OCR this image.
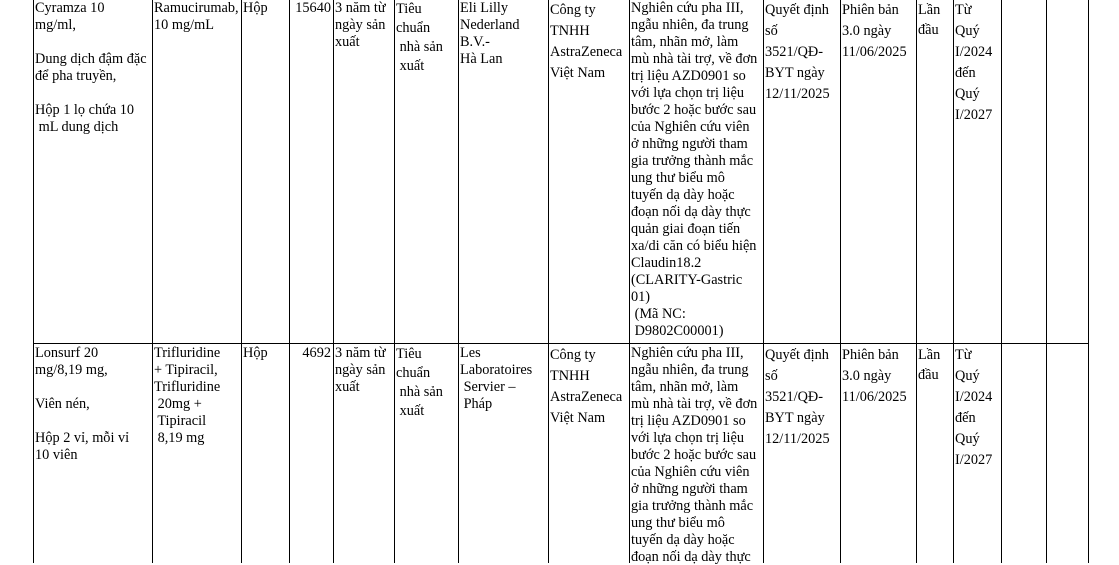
Cyramza 10
mg/ml,

Dung dịch đậm đặc
để pha truyền,

Hộp 1 lọ chứa 10
mL dung dịch
Ramucirumab,
10 mg/mL
Hộp	15640 3 năm từ
ngày sản
xuất
Tiêu
chuẩn
nhà sản
xuất
Eli Lilly
Nederland
B.V.-
Hà Lan
Công ty
TNHH
AstraZeneca
Việt Nam
Nghiên cứu pha III,
ngẫu nhiên, đa trung
tâm, nhãn mở, làm
mù nhà tài trợ, về đơn
trị liệu AZD0901 so
với lựa chọn trị liệu
bước 2 hoặc bước sau
của Nghiên cứu viên
ở những người tham
gia trưởng thành mắc
ung thư biểu mô
tuyến dạ dày hoặc
đoạn nối dạ dày thực
quản giai đoạn tiến
xa/di căn có biểu hiện
Claudin18.2
(CLARITY-Gastric
01)
(Mã NC:
D9802C00001)
Quyết định
số
3521/QĐ-
BYT ngày
12/11/2025
Phiên bản
3.0 ngày
11/06/2025
Lần
đầu
Từ
Quý
I/2024
đến
Quý
I/2027
Lonsurf 20
mg/8,19 mg,

Viên nén,

Hộp 2 vỉ, mỗi vỉ
10 viên
Trifluridine
+ Tipiracil,
Trifluridine
20mg +
Tipiracil
8,19 mg
Hộp	4692 3 năm từ
ngày sản
xuất
Tiêu
chuẩn
nhà sản
xuất
Les
Laboratoires
Servier –
Pháp
Công ty
TNHH
AstraZeneca
Việt Nam
Nghiên cứu pha III,
ngẫu nhiên, đa trung
tâm, nhãn mở, làm
mù nhà tài trợ, về đơn
trị liệu AZD0901 so
với lựa chọn trị liệu
bước 2 hoặc bước sau
của Nghiên cứu viên
ở những người tham
gia trưởng thành mắc
ung thư biểu mô
tuyến dạ dày hoặc
đoạn nối dạ dày thực
Quyết định
số
3521/QĐ-
BYT ngày
12/11/2025
Phiên bản
3.0 ngày
11/06/2025
Lần
đầu
Từ
Quý
I/2024
đến
Quý
I/2027
